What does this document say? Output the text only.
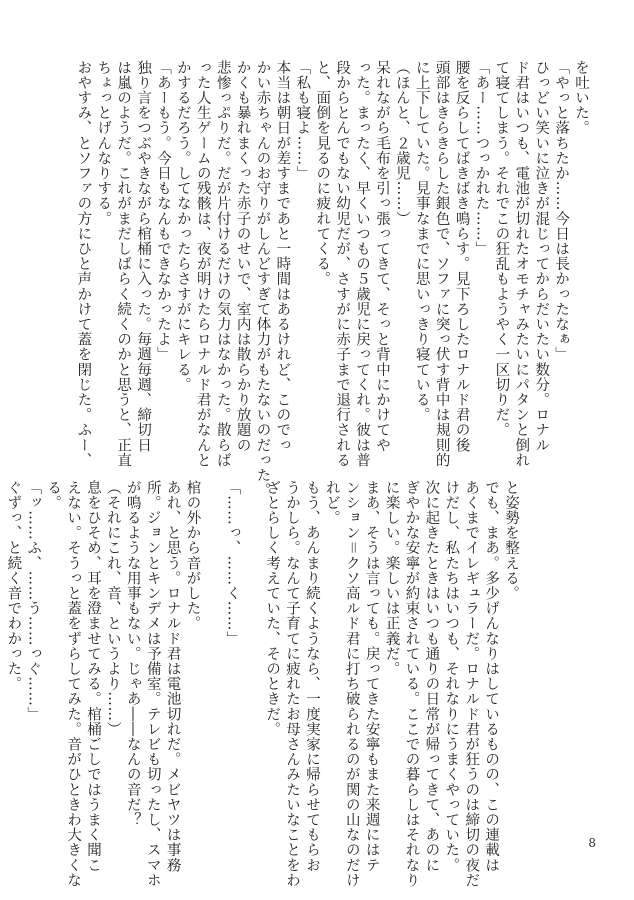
を吐いた。
「やっと落ちたか……今日は長かったなぁ」
ひっどい笑いに泣きが混じってからだいたい数分。ロナル
ド君はいつも、電池が切れたオモチャみたいにパタンと倒れ
て寝てしまう。それでこの狂乱もようやく一区切りだ。
「あー……つっかれた……」
腰を反らしてばきばき鳴らす。見下ろしたロナルド君の後
頭部はきらきらした銀色で、ソファに突っ伏す背中は規則的
に上下していた。見事なまでに思いっきり寝ている。
（ほんと、２歳児……）
呆れながら毛布を引っ張ってきて、そっと背中にかけてや
った。まったく、早くいつもの５歳児に戻ってくれ。彼は普
段からとんでもない幼児だが、さすがに赤子まで退行される
と、面倒を見るのに疲れてくる。
「私も寝よ……」
本当は朝日が差すまであと一時間はあるけれど、このでっ
かい赤ちゃんのお守りがしんどすぎて体力がもたないのだった。
かくも暴れまくった赤子のせいで、室内は散らかり放題の
悲惨っぷりだ。だが片付けるだけの気力はなかった。散らば
った人生ゲームの残骸は、夜が明けたらロナルド君がなんと
かするだろう。してなかったらさすがにキレる。
「あーもう。今日もなんもできなかったよ」
独り言をつぶやきながら棺桶に入った。毎週毎週、締切日
は嵐のようだ。これがまだしばらく続くのかと思うと、正直
ちょっとげんなりする。
おやすみ、とソファの方にひと声かけて蓋を閉じた。ふー、
と姿勢を整える。
でも、まあ。多少げんなりはしているものの、この連載は
あくまでイレギュラーだ。ロナルド君が狂うのは締切の夜だ
けだし、私たちはいつも、それなりにうまくやっていた。
次に起きたときはいつも通りの日常が帰ってきて、あのに
ぎやかな安寧が約束されている。ここでの暮らしはそれなり
に楽しい。楽しいは正義だ。
まあ、そうは言っても。戻ってきた安寧もまた来週にはテ
ンション＝クソ高ルド君に打ち破られるのが関の山なのだけ
れど。
もう、あんまり続くようなら、一度実家に帰らせてもらお
うかしら。なんて子育てに疲れたお母さんみたいなことをわ
ざとらしく考えていた、そのときだ。

「……っ、……く……」

棺の外から音がした。
あれ、と思う。ロナルド君は電池切れだ。メビヤツは事務
所。ジョンとキンデメは予備室。テレビも切ったし、スマホ
が鳴るような用事もない。じゃあ――なんの音だ？
（それにこれ、音、というより……）
息をひそめ、耳を澄ませてみる。棺桶ごしではうまく聞こ
えない。そうっと蓋をずらしてみた。音がひときわ大きくな
る。
「ッ……ふ、……う……っぐ……」
ぐずっ、と続く音でわかった。
8
